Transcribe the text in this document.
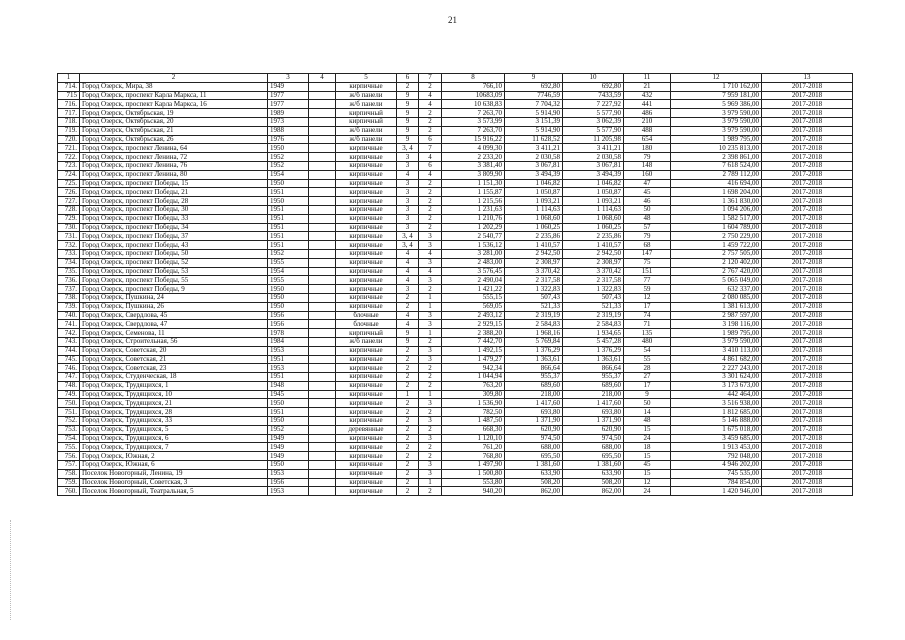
21
1	2	3	4	5	6	7	8	9	10	11	12	13
714.	Город Озерск, Мира, 38	1949		кирпичные	2	2	766,10	692,80	692,80	21	1 710 162,00	2017-2018
715	Город Озерск, проспект Карла Маркса, 11	1977		ж/б панели	9	4	10683,09	7746,59	7433,59	432	7 959 181,00	2017-2018
716.	Город Озерск, проспект Карла Маркса, 16	1977		ж/б панели	9	4	10 638,83	7 704,32	7 227,92	441	5 969 386,00	2017-2018
717.	Город Озерск, Октябрьская, 19	1989		кирпичный	9	2	7 263,70	5 914,90	5 577,90	486	3 979 590,00	2017-2018
718.	Город Озерск, Октябрьская, 20	1973		кирпичный	9	2	3 573,99	3 151,39	3 062,39	210	3 979 590,00	2017-2018
719.	Город Озерск, Октябрьская, 21	1988		ж/б панели	9	2	7 263,70	5 914,90	5 577,90	488	3 979 590,00	2017-2018
720.	Город Озерск, Октябрьская, 26	1976		ж/б панели	9	6	15 916,22	11 628,52	11 205,98	654	1 989 795,00	2017-2018
721.	Город Озерск, проспект Ленина, 64	1950		кирпичные	3, 4	7	4 099,30	3 411,21	3 411,21	180	10 235 813,00	2017-2018
722.	Город Озерск, проспект Ленина, 72	1952		кирпичные	3	4	2 233,20	2 030,58	2 030,58	79	2 398 861,00	2017-2018
723.	Город Озерск, проспект Ленина, 76	1952		кирпичные	3	6	3 381,40	3 067,81	3 067,81	148	7 618 524,00	2017-2018
724.	Город Озерск, проспект Ленина, 80	1954		кирпичные	4	4	3 809,90	3 494,39	3 494,39	160	2 789 112,00	2017-2018
725.	Город Озерск, проспект Победы, 15	1950		кирпичные	3	2	1 151,30	1 046,82	1 046,82	47	416 694,00	2017-2018
726.	Город Озерск, проспект Победы, 21	1951		кирпичные	3	2	1 155,87	1 050,87	1 050,87	45	1 698 204,00	2017-2018
727.	Город Озерск, проспект Победы, 28	1950		кирпичные	3	2	1 215,56	1 093,21	1 093,21	46	1 361 830,00	2017-2018
728.	Город Озерск, проспект Победы, 30	1951		кирпичные	3	2	1 231,63	1 114,63	1 114,63	50	1 094 206,00	2017-2018
729.	Город Озерск, проспект Победы, 33	1951		кирпичные	3	2	1 210,76	1 068,60	1 068,60	48	1 582 517,00	2017-2018
730.	Город Озерск, проспект Победы, 34	1951		кирпичные	3	2	1 202,29	1 060,25	1 060,25	57	1 604 789,00	2017-2018
731.	Город Озерск, проспект Победы, 37	1951		кирпичные	3, 4	3	2 540,77	2 235,86	2 235,86	79	2 750 229,00	2017-2018
732.	Город Озерск, проспект Победы, 43	1951		кирпичные	3, 4	3	1 536,12	1 410,57	1 410,57	68	1 459 722,00	2017-2018
733.	Город Озерск, проспект Победы, 50	1952		кирпичные	4	4	3 281,00	2 942,50	2 942,50	147	2 757 505,00	2017-2018
734.	Город Озерск, проспект Победы, 52	1955		кирпичные	4	3	2 483,00	2 308,97	2 308,97	75	2 120 402,00	2017-2018
735.	Город Озерск, проспект Победы, 53	1954		кирпичные	4	4	3 576,45	3 370,42	3 370,42	151	2 767 420,00	2017-2018
736.	Город Озерск, проспект Победы, 55	1955		кирпичные	4	3	2 490,04	2 317,58	2 317,58	77	5 065 049,00	2017-2018
737.	Город Озерск, проспект Победы, 9	1950		кирпичные	3	2	1 421,22	1 322,83	1 322,83	59	632 337,00	2017-2018
738.	Город Озерск, Пушкина, 24	1950		кирпичные	2	1	555,15	507,43	507,43	12	2 080 085,00	2017-2018
739.	Город Озерск, Пушкина, 26	1950		кирпичные	2	1	569,05	521,33	521,33	17	1 381 613,00	2017-2018
740.	Город Озерск, Свердлова, 45	1956		блочные	4	3	2 493,12	2 319,19	2 319,19	74	2 987 597,00	2017-2018
741.	Город Озерск, Свердлова, 47	1956		блочные	4	3	2 929,15	2 584,83	2 584,83	71	3 198 116,00	2017-2018
742.	Город Озерск, Семенова, 11	1978		кирпичный	9	1	2 388,20	1 968,16	1 934,65	135	1 989 795,00	2017-2018
743.	Город Озерск, Строительная, 56	1984		ж/б панели	9	2	7 442,70	5 769,84	5 457,28	480	3 979 590,00	2017-2018
744.	Город Озерск, Советская, 20	1953		кирпичные	2	3	1 492,15	1 376,29	1 376,29	54	3 410 113,00	2017-2018
745.	Город Озерск, Советская, 21	1951		кирпичные	2	3	1 479,27	1 363,61	1 363,61	55	4 861 682,00	2017-2018
746.	Город Озерск, Советская, 23	1953		кирпичные	2	2	942,34	866,64	866,64	28	2 227 243,00	2017-2018
747.	Город Озерск, Студенческая, 18	1951		кирпичные	2	2	1 044,94	955,37	955,37	27	3 301 624,00	2017-2018
748.	Город Озерск, Трудящихся, 1	1948		кирпичные	2	2	763,20	689,60	689,60	17	3 173 673,00	2017-2018
749.	Город Озерск, Трудящихся, 10	1945		кирпичные	1	1	309,80	218,00	218,00	9	442 464,00	2017-2018
750.	Город Озерск, Трудящихся, 21	1950		кирпичные	2	3	1 536,90	1 417,60	1 417,60	50	3 516 938,00	2017-2018
751.	Город Озерск, Трудящихся, 28	1951		кирпичные	2	2	782,50	693,80	693,80	14	1 812 685,00	2017-2018
752.	Город Озерск, Трудящихся, 33	1950		кирпичные	2	3	1 487,50	1 371,90	1 371,90	48	5 146 888,00	2017-2018
753.	Город Озерск, Трудящихся, 5	1952		деревянные	2	2	668,30	620,90	620,90	15	1 675 018,00	2017-2018
754.	Город Озерск, Трудящихся, 6	1949		кирпичные	2	3	1 120,10	974,50	974,50	24	3 459 685,00	2017-2018
755.	Город Озерск, Трудящихся, 7	1949		кирпичные	2	2	761,20	688,00	688,00	18	1 913 453,00	2017-2018
756.	Город Озерск, Южная, 2	1949		кирпичные	2	2	768,80	695,50	695,50	15	792 048,00	2017-2018
757.	Город Озерск, Южная, 6	1950		кирпичные	2	3	1 497,90	1 381,60	1 381,60	45	4 946 202,00	2017-2018
758.	Поселок Новогорный, Ленина, 19	1953		кирпичные	2	3	1 500,80	633,90	633,90	15	745 535,00	2017-2018
759.	Поселок Новогорный, Советская, 3	1956		кирпичные	2	1	553,80	508,20	508,20	12	784 854,00	2017-2018
760.	Поселок Новогорный, Театральная, 5	1953		кирпичные	2	2	940,20	862,00	862,00	24	1 420 946,00	2017-2018
